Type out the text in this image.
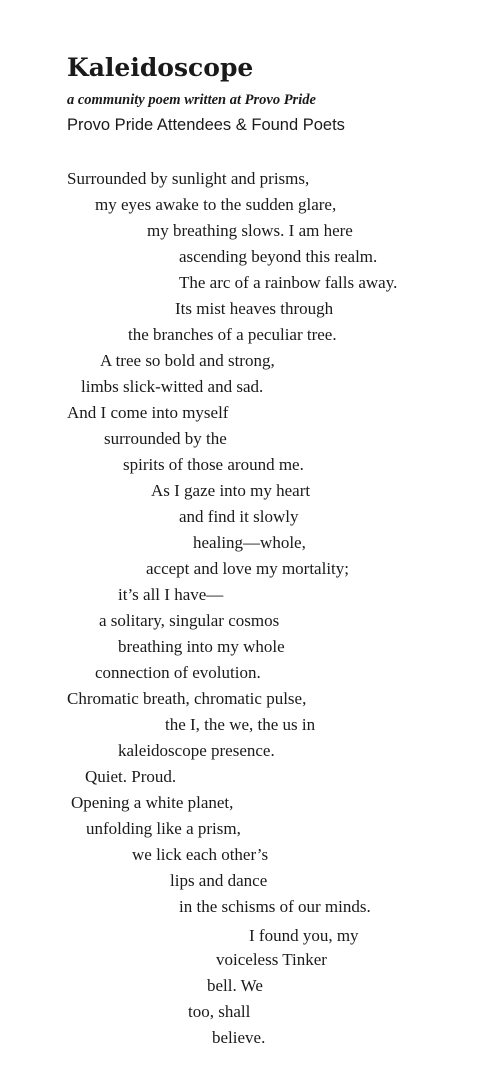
Kaleidoscope
a community poem written at Provo Pride
Provo Pride Attendees & Found Poets
Surrounded by sunlight and prisms,
my eyes awake to the sudden glare,
my breathing slows. I am here
ascending beyond this realm.
The arc of a rainbow falls away.
Its mist heaves through
the branches of a peculiar tree.
A tree so bold and strong,
limbs slick-witted and sad.
And I come into myself
surrounded by the
spirits of those around me.
As I gaze into my heart
and find it slowly
healing—whole,
accept and love my mortality;
it’s all I have—
a solitary, singular cosmos
breathing into my whole
connection of evolution.
Chromatic breath, chromatic pulse,
the I, the we, the us in
kaleidoscope presence.
Quiet. Proud.
Opening a white planet,
unfolding like a prism,
we lick each other’s
lips and dance
in the schisms of our minds.
I found you, my
voiceless Tinker
bell. We
too, shall
believe.
